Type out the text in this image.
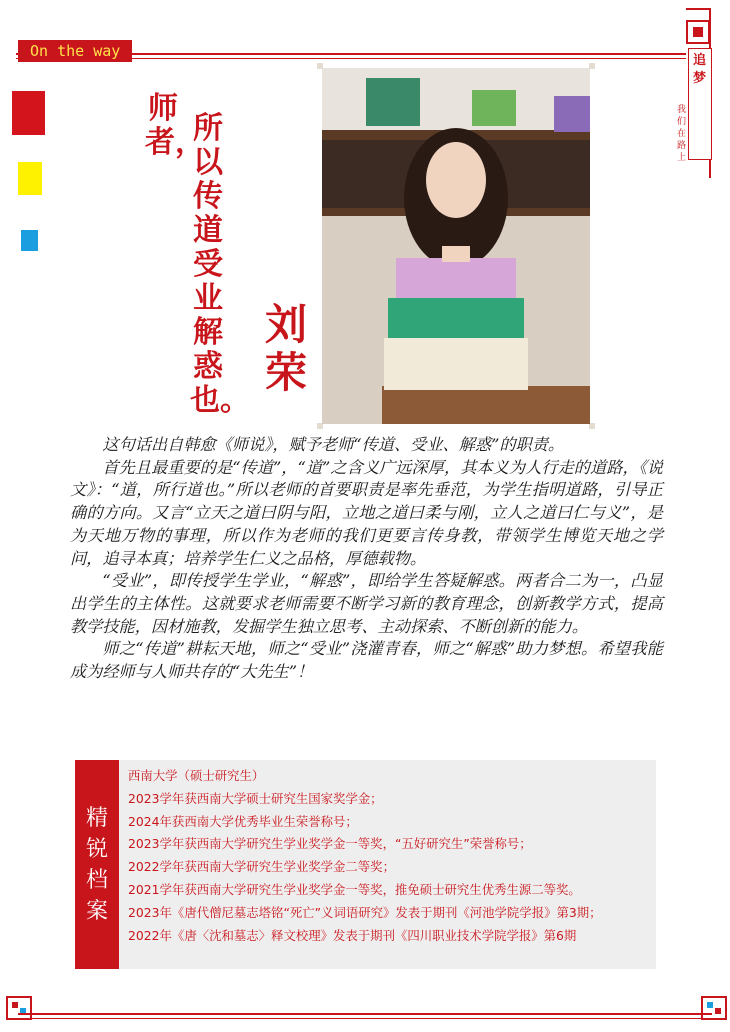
On the way
追梦
我们在路上
师者，
所以传道受业解惑也。
刘荣

这句话出自韩愈《师说》，赋予老师“传道、受业、解惑”的职责。

首先且最重要的是“传道”，“道”之含义广远深厚，其本义为人行走的道路，《说文》：“道，所行道也。”所以老师的首要职责是率先垂范，为学生指明道路，引导正确的方向。又言“立天之道曰阴与阳，立地之道曰柔与刚，立人之道曰仁与义”，是为天地万物的事理，所以作为老师的我们更要言传身教，带领学生博览天地之学问，追寻本真；培养学生仁义之品格，厚德载物。

“受业”，即传授学生学业，“解惑”，即给学生答疑解惑。两者合二为一，凸显出学生的主体性。这就要求老师需要不断学习新的教育理念，创新教学方式，提高教学技能，因材施教，发掘学生独立思考、主动探索、不断创新的能力。

师之“传道”耕耘天地，师之“受业”浇灌青春，师之“解惑”助力梦想。希望我能成为经师与人师共存的“大先生”！

精
锐
档
案
西南大学（硕士研究生）
2023学年获西南大学硕士研究生国家奖学金；
2024年获西南大学优秀毕业生荣誉称号；
2023学年获西南大学研究生学业奖学金一等奖，“五好研究生”荣誉称号；
2022学年获西南大学研究生学业奖学金二等奖；
2021学年获西南大学研究生学业奖学金一等奖，推免硕士研究生优秀生源二等奖。
2023年《唐代僧尼墓志塔铭“死亡”义词语研究》发表于期刊《河池学院学报》第3期；
2022年《唐〈沈和墓志〉释文校理》发表于期刊《四川职业技术学院学报》第6期
